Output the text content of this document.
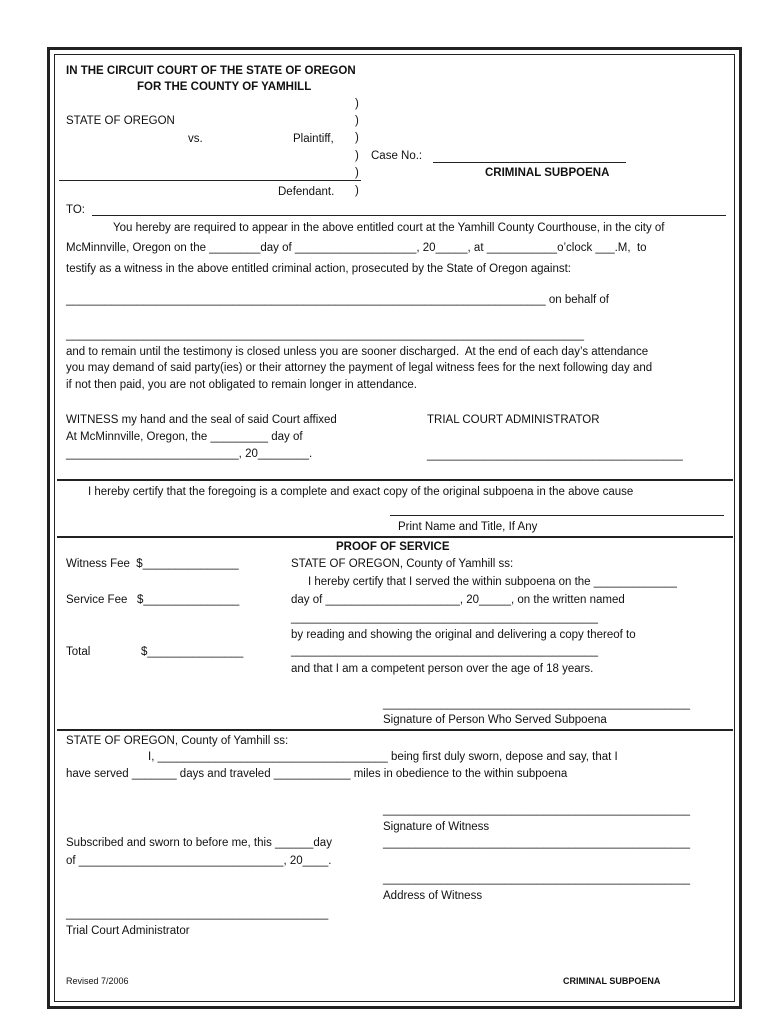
IN THE CIRCUIT COURT OF THE STATE OF OREGON
FOR THE COUNTY OF YAMHILL
)
)
)
)
)
)
STATE OF OREGON
vs.	Plaintiff,
Case No.:
CRIMINAL SUBPOENA
Defendant.
TO:
You hereby are required to appear in the above entitled court at the Yamhill County Courthouse, in the city of
McMinnville, Oregon on the ________day of ___________________, 20_____, at ___________o’clock ___.M,  to
testify as a witness in the above entitled criminal action, prosecuted by the State of Oregon against:
___________________________________________________________________________ on behalf of
_________________________________________________________________________________
and to remain until the testimony is closed unless you are sooner discharged.  At the end of each day’s attendance
you may demand of said party(ies) or their attorney the payment of legal witness fees for the next following day and
if not then paid, you are not obligated to remain longer in attendance.
WITNESS my hand and the seal of said Court affixed
At McMinnville, Oregon, the _________ day of
___________________________, 20________.
TRIAL COURT ADMINISTRATOR
________________________________________
I hereby certify that the foregoing is a complete and exact copy of the original subpoena in the above cause
Print Name and Title, If Any
PROOF OF SERVICE
Witness Fee  $_______________
Service Fee   $_______________
Total	$_______________
STATE OF OREGON, County of Yamhill ss:
I hereby certify that I served the within subpoena on the _____________
day of _____________________, 20_____, on the written named
________________________________________________
by reading and showing the original and delivering a copy thereof to
________________________________________________
and that I am a competent person over the age of 18 years.
________________________________________________
Signature of Person Who Served Subpoena
STATE OF OREGON, County of Yamhill ss:
I, ____________________________________ being first duly sworn, depose and say, that I
have served _______ days and traveled ____________ miles in obedience to the within subpoena
________________________________________________
Signature of Witness
Subscribed and sworn to before me, this ______day	________________________________________________
of ________________________________, 20____.
________________________________________________
Address of Witness
_________________________________________
Trial Court Administrator
Revised 7/2006	CRIMINAL SUBPOENA
